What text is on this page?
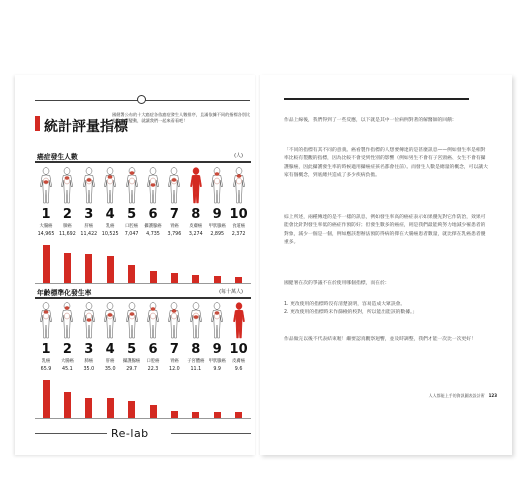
統計評量指標
國健署公布的十大癌症各依癌症發生人數排序，且滿依據不同的指標各別比較會有所變動，就讓我們一起來看看吧！
癌症發生人數	(人)
1 2 3 4 5 6 7 8 9 10
大腸癌	肺癌	肝癌	乳癌	口腔癌	攝護腺癌	胃癌	皮膚癌	甲狀腺癌	食道癌
14,965 11,692 11,422 10,525	7,047	4,735	3,796	3,274	2,895	2,372
年齡標準化發生率	(每十萬人)
1 2 3 4 5 6 7 8 9 10
乳癌	大腸癌	肺癌	肝癌	攝護腺癌	口腔癌	胃癌	子宮體癌 甲狀腺癌	皮膚癌
65.9	45.1	35.0	35.0	29.7	22.3	12.0	11.1	9.9	9.6
Re-lab
作品上線後，我們得到了一些反應，以下就是其中一位病例對著的解醫師的回饋：
「不同的指標有其不同的意義。癌看製作指標的人想要傳達的是甚麼訊息——例如發生率是相對率比較有製觀的指標，因為比較不會受到性別的影響（例如男生不會有子宮頸癌、女生不會有攝護腺癌，因此攝護發生率的時候適用攝癌症孩名都會往前）。而發生人數是總量的概念，可以讓大家有個概念，到底總共造成了多少疾病負擔。
綜上所述，兩種傳達的是不一樣的訊息，例如發生率高的癌症表示如果優先對它作防治，效果可能會比針對發生率低的癌症作預防好；但發生數多的癌症，則是我們最能夠努力地減少罹患者的對象，減少一個是一個，例如應該想辦法預防得病的擇在大腸癌患者數量，就比擇在乳癌患者優重多。
國健署在次的爭議不在於使用哪個指標，而在於：
1. 更改使用的指標時沒有清楚說明，容易造成大眾誤會。
2. 更改使用的指標時未作篩檢的校對，所以能出能該的數據。」
作品做完以後不代表結束喔！繼要認真觀察迴響，並及時調整，我們才能一次比一次更好！
人人都能上手的資訊圖表設計術 123
